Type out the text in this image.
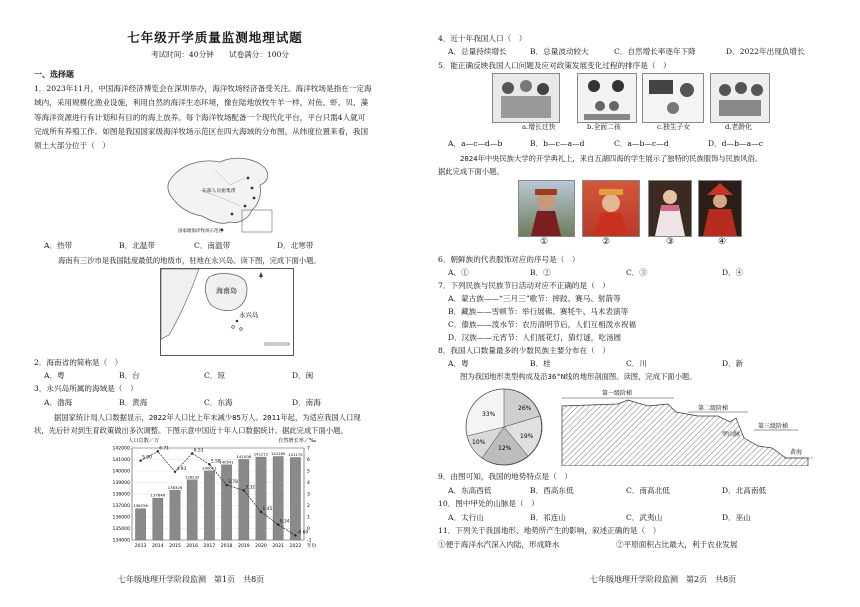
七年级开学质量监测地理试题
考试时间：40分钟　　试卷满分：100分
一、选择题
1．2023年11月，中国海洋经济博览会在深圳举办，海洋牧场经济备受关注。海洋牧场是指在一定海
域内，采用规模化渔业设施，利用自然的海洋生态环境，像在陆地放牧牛羊一样，对鱼、虾、贝、藻
等海洋资源进行有计划和有目的的海上放养。每个海洋牧场配备一个现代化平台，平台只需4人就可
完成所有养殖工作。如图是我国国家级海洋牧场示范区在四大海域的分布图。从纬度位置来看，我国
领土大部分位于（　）
东部人员密集带
国家级海洋牧场示范区
A．热带	B．北温带	C．南温带	D．北寒带
海南有三沙市是我国陆度最低的地级市，驻地在永兴岛。读下图，完成下面小题。
海南岛
永兴岛
2．海南省的简称是（　）
A．粤	B．台	C．琼	D．闽
3．永兴岛所属的海域是（　）
A．渤海	B．黄海	C．东海	D．南海
据国家统计局人口数据显示，2022年人口比上年末减少85万人。2011年起，为适应我国人口现
状，先后针对到生育政策做出多次调整。下图示意中国近十年人口数据统计。据此完成下面小题。
人口总数／万	自然增长率／‰
142000
141000
140000
139000
138000
137000
136000
135000
134000
7
6
5
4
3
2
1
0
-1
136726
2013
137646
2014
138326
2015
139232
2016
140011
2017
140541
2018
141008
2019
141212
2020
141260
2021
141175
2022
5.90
6.71
4.93
6.53
5.58
3.78
3.32
1.45
0.34
-0.60
年份
七年级地理开学阶段监测　第1页　共8页
4．近十年我国人口（　）
A．总量持续增长	B．总量波动较大	C．自然增长率逐年下降	D．2022年出现负增长
5．能正确反映我国人口问题及应对政策发展变化过程的排序是（　）
a.增长过快	b.全面二孩	c.独生子女	d.老龄化
A．a—c—d—b	B．b—c—a—d	C．a—b—c—d	D．d—b—a—c
2024年中央民族大学的开学典礼上，来自五湖四海的学生展示了独特的民族服饰与民族风俗。
据此完成下面小题。
①	②	③	④
6．朝鲜族的代表服饰对应的序号是（　）
A．①	B．②	C．③	D．④
7．下列民族与民族节日活动对应不正确的是（　）
A．蒙古族——“三月三”歌节：摔跤、赛马、射箭等
B．藏族——雪顿节：举行展佛、赛牦牛、马术表演等
C．傣族——泼水节：农历清明节后，人们互相泼水祝福
D．汉族——元宵节：人们展花灯，猜灯谜，吃汤圆
8．我国人口数量最多的少数民族主要分布在（　）
A．粤	B．桂	C．川	D．新
图为我国地形类型构成及沿36°N线的地形剖面图。读图，完成下面小题。
33%
26%
19%
12%
10%
第一级阶梯
第二级阶梯
第三级阶梯
甲山脉
黄海
9．由图可知，我国的地势特点是（　）
A．东高西低	B．西高东低	C．南高北低	D．北高南低
10．图中甲处的山脉是（　）
A．太行山	B．祁连山	C．武夷山	D．巫山
11．下列关于我国地形、地势所产生的影响，叙述正确的是（　）
①便于海洋水汽深入内陆，形成降水	②平原面积占比最大，利于农业发展
七年级地理开学阶段监测　第2页　共8页
